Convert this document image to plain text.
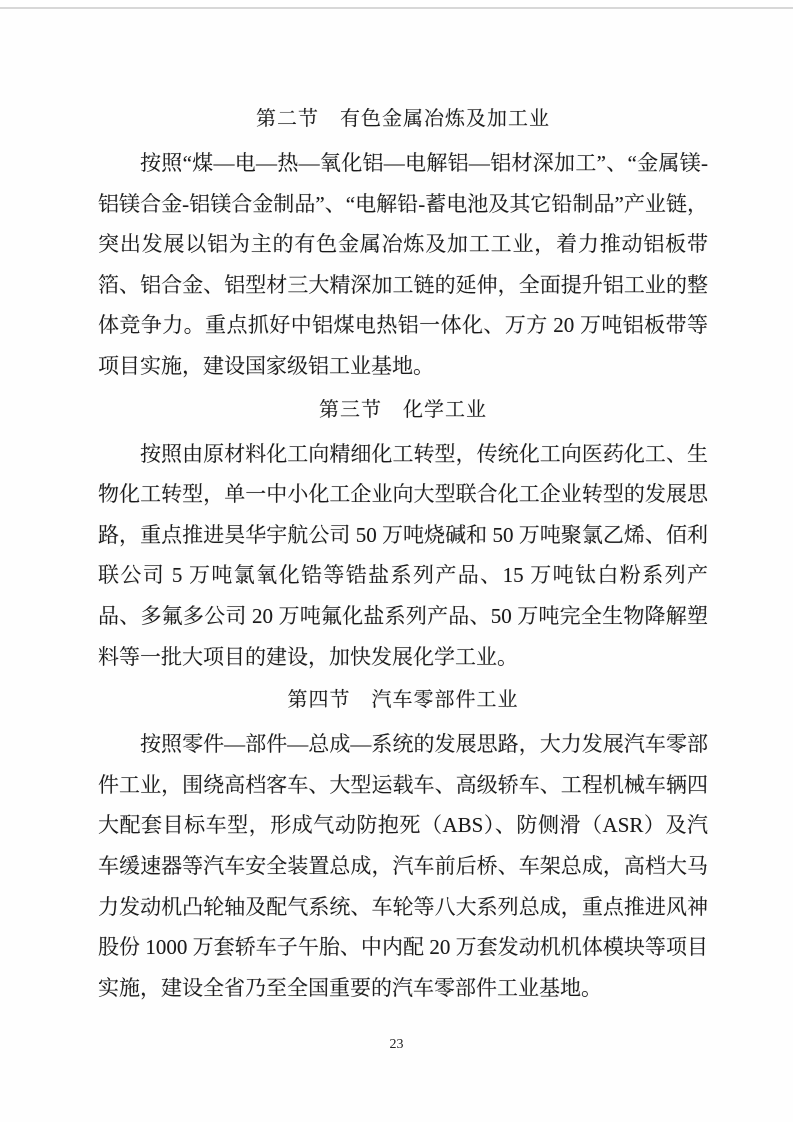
第二节　有色金属冶炼及加工业

按照“煤—电—热—氧化铝—电解铝—铝材深加工”、“金属镁-铝镁合金-铝镁合金制品”、“电解铅-蓄电池及其它铅制品”产业链，突出发展以铝为主的有色金属冶炼及加工工业，着力推动铝板带箔、铝合金、铝型材三大精深加工链的延伸，全面提升铝工业的整体竞争力。重点抓好中铝煤电热铝一体化、万方 20 万吨铝板带等项目实施，建设国家级铝工业基地。

第三节　化学工业

按照由原材料化工向精细化工转型，传统化工向医药化工、生物化工转型，单一中小化工企业向大型联合化工企业转型的发展思路，重点推进昊华宇航公司 50 万吨烧碱和 50 万吨聚氯乙烯、佰利联公司 5 万吨氯氧化锆等锆盐系列产品、15 万吨钛白粉系列产品、多氟多公司 20 万吨氟化盐系列产品、50 万吨完全生物降解塑料等一批大项目的建设，加快发展化学工业。

第四节　汽车零部件工业

按照零件—部件—总成—系统的发展思路，大力发展汽车零部件工业，围绕高档客车、大型运载车、高级轿车、工程机械车辆四大配套目标车型，形成气动防抱死（ABS）、防侧滑（ASR）及汽车缓速器等汽车安全装置总成，汽车前后桥、车架总成，高档大马力发动机凸轮轴及配气系统、车轮等八大系列总成，重点推进风神股份 1000 万套轿车子午胎、中内配 20 万套发动机机体模块等项目实施，建设全省乃至全国重要的汽车零部件工业基地。

23
